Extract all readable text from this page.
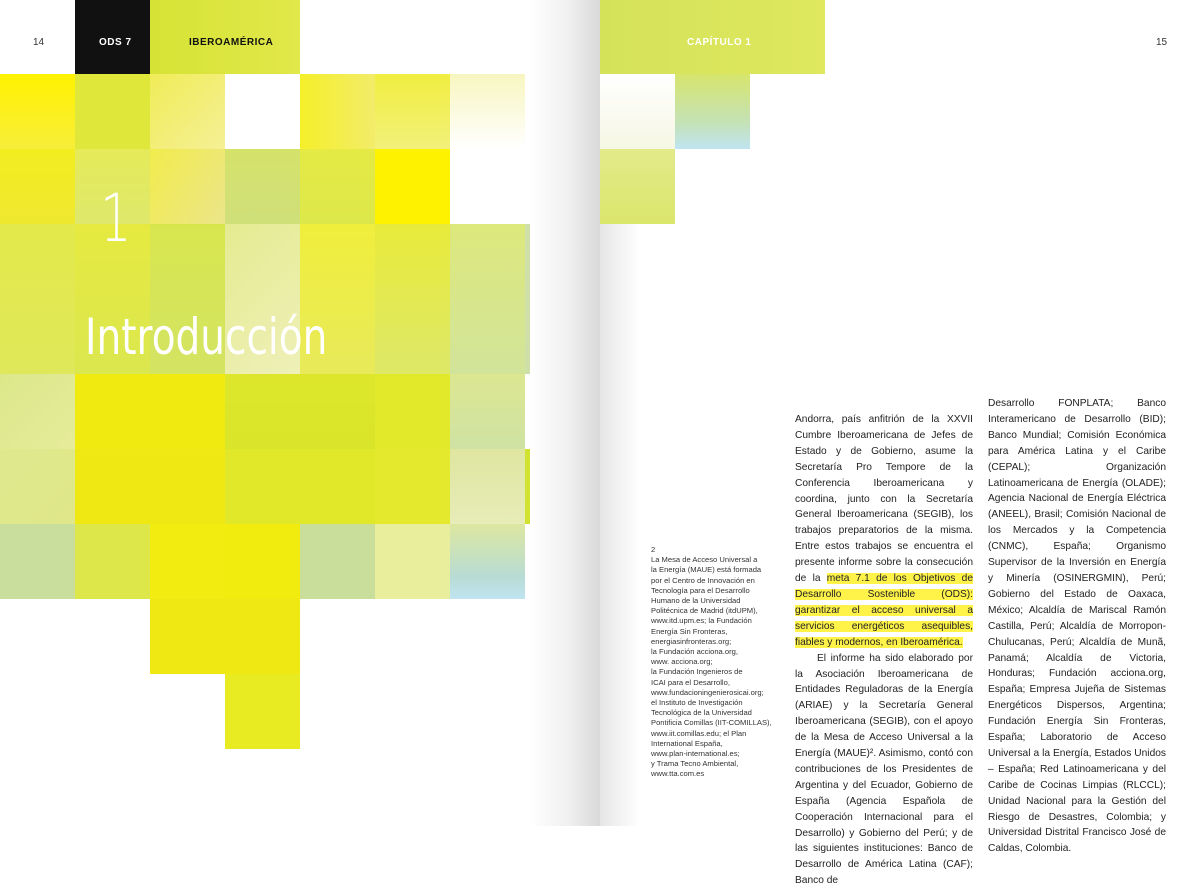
14	ODS 7	IBEROAMÉRICA	CAPÍTULO 1	15
1
Introducción

2

La Mesa de Acceso Universal a
la Energía (MAUE) está formada
por el Centro de Innovación en
Tecnología para el Desarrollo
Humano de la Universidad
Politécnica de Madrid (itdUPM),
www.itd.upm.es; la Fundación
Energía Sin Fronteras,
energiasinfronteras.org;
la Fundación acciona.org,
www. acciona.org;
la Fundación Ingenieros de
ICAI para el Desarrollo,
www.fundacioningenierosicai.org;
el Instituto de Investigación
Tecnológica de la Universidad
Pontificia Comillas (IIT-COMILLAS),
www.iit.comillas.edu; el Plan
International España,
www.plan-international.es;
y Trama Tecno Ambiental,
www.tta.com.es

Andorra, país anfitrión de la XXVII Cumbre Iberoamericana de Jefes de Estado y de Gobierno, asume la Secretaría Pro Tempore de la Conferencia Iberoamericana y coordina, junto con la Secretaría General Iberoamericana (SEGIB), los trabajos preparatorios de la misma. Entre estos trabajos se encuentra el presente informe sobre la consecución de la meta 7.1 de los Objetivos de Desarrollo Sostenible (ODS): garantizar el acceso universal a servicios energéticos asequibles, fiables y modernos, en Iberoamérica.

El informe ha sido elaborado por la Asociación Iberoamericana de Entidades Reguladoras de la Energía (ARIAE) y la Secretaría General Iberoamericana (SEGIB), con el apoyo de la Mesa de Acceso Universal a la Energía (MAUE)². Asimismo, contó con contribuciones de los Presidentes de Argentina y del Ecuador, Gobierno de España (Agencia Española de Cooperación Internacional para el Desarrollo) y Gobierno del Perú; y de las siguientes instituciones: Banco de Desarrollo de América Latina (CAF); Banco de

Desarrollo FONPLATA; Banco Interamericano de Desarrollo (BID); Banco Mundial; Comisión Económica para América Latina y el Caribe (CEPAL); Organización Latinoamericana de Energía (OLADE); Agencia Nacional de Energía Eléctrica (ANEEL), Brasil; Comisión Nacional de los Mercados y la Competencia (CNMC), España; Organismo Supervisor de la Inversión en Energía y Minería (OSINERGMIN), Perú; Gobierno del Estado de Oaxaca, México; Alcaldía de Mariscal Ramón Castilla, Perú; Alcaldía de Morropon-Chulucanas, Perú; Alcaldía de Munã, Panamá; Alcaldía de Victoria, Honduras; Fundación acciona.org, España; Empresa Jujeña de Sistemas Energéticos Dispersos, Argentina; Fundación Energía Sin Fronteras, España; Laboratorio de Acceso Universal a la Energía, Estados Unidos – España; Red Latinoamericana y del Caribe de Cocinas Limpias (RLCCL); Unidad Nacional para la Gestión del Riesgo de Desastres, Colombia; y Universidad Distrital Francisco José de Caldas, Colombia.
